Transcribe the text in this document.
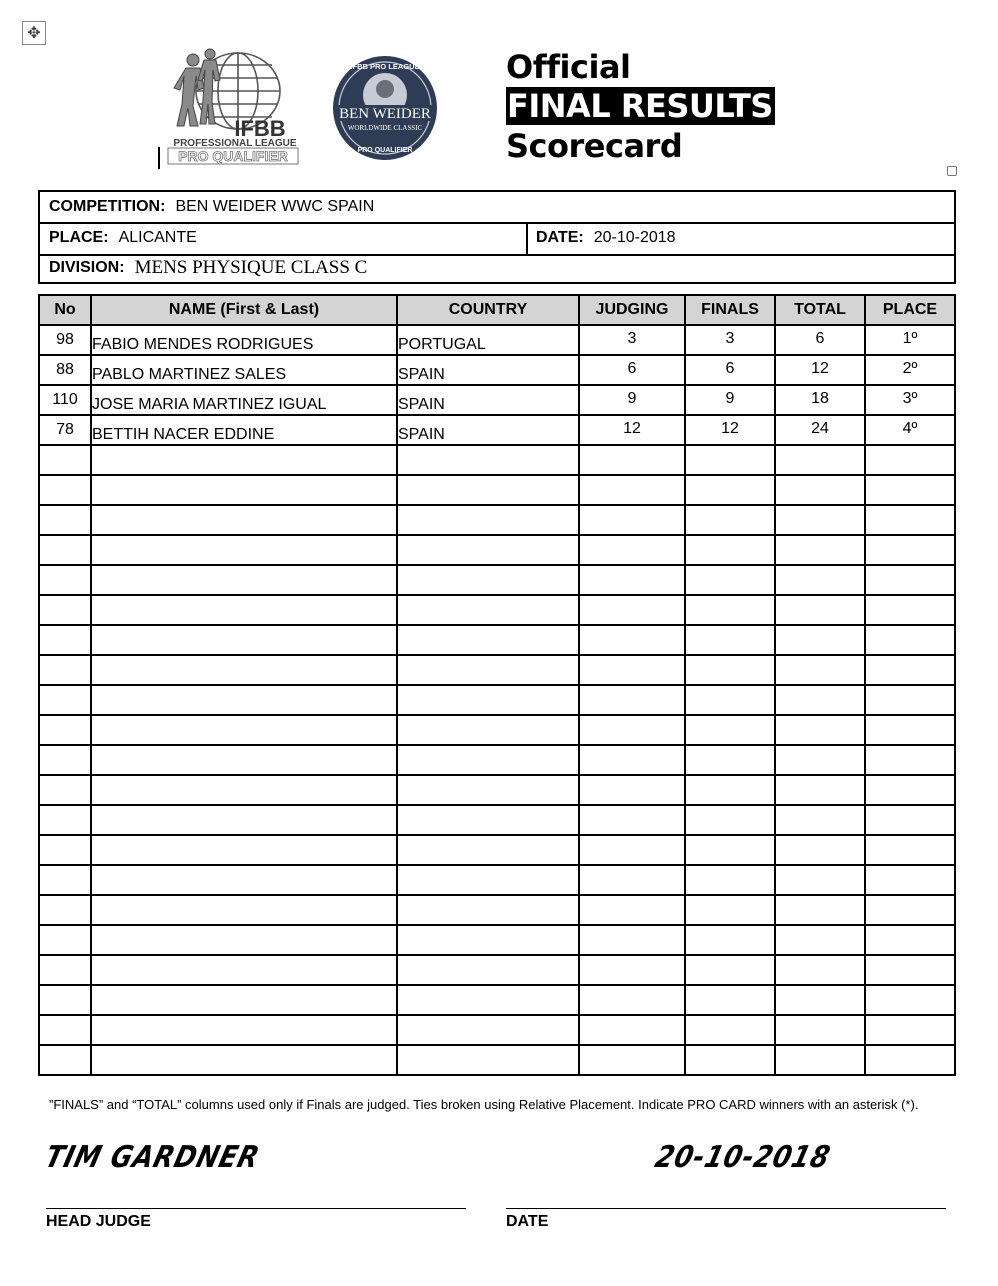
✥
IFBB
PROFESSIONAL LEAGUE
PRO QUALIFIER
IFBB PRO LEAGUE
BEN WEIDER
WORLDWIDE CLASSIC
PRO QUALIFIER
Official
FINAL RESULTS
Scorecard
COMPETITION: BEN WEIDER WWC SPAIN
PLACE: ALICANTE	DATE: 20-10-2018
DIVISION: MENS PHYSIQUE CLASS C
No	NAME (First & Last)	COUNTRY	JUDGING	FINALS	TOTAL	PLACE
98	FABIO MENDES RODRIGUES	PORTUGAL	3	3	6	1º
88	PABLO MARTINEZ SALES	SPAIN	6	6	12	2º
110	JOSE MARIA MARTINEZ IGUAL	SPAIN	9	9	18	3º
78	BETTIH NACER EDDINE	SPAIN	12	12	24	4º

”FINALS” and “TOTAL” columns used only if Finals are judged. Ties broken using Relative Placement. Indicate PRO CARD winners with an asterisk (*).
TIM GARDNER	20-10-2018
HEAD JUDGE	DATE
